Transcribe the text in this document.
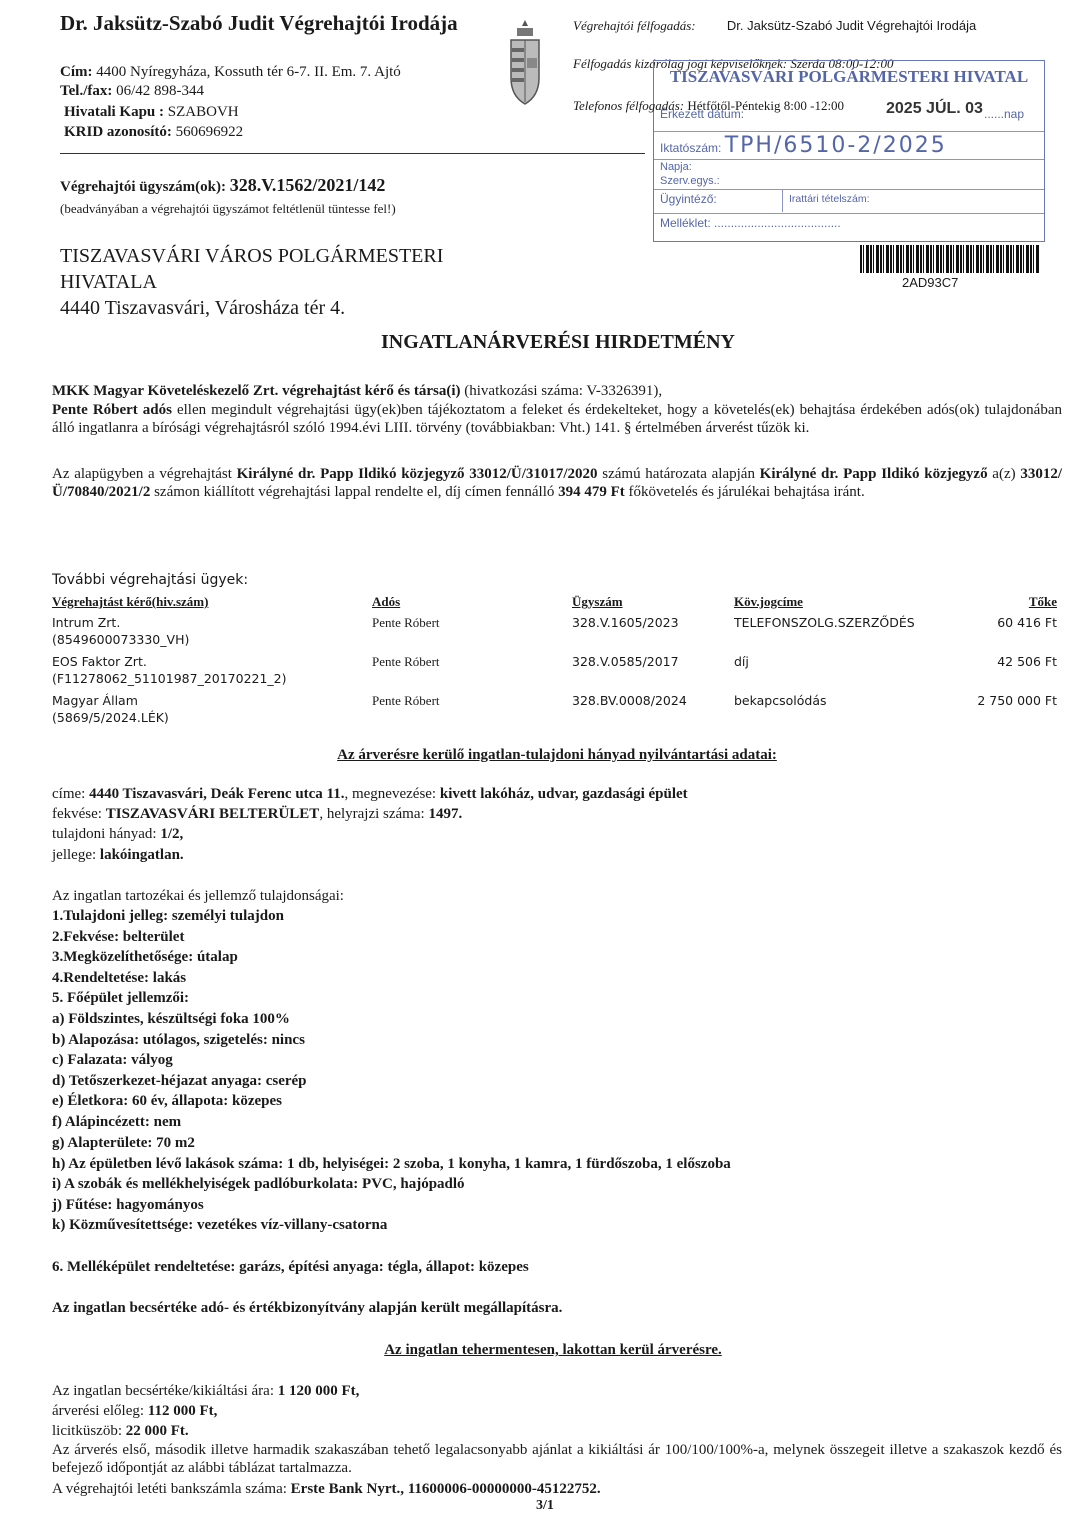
Dr. Jaksütz-Szabó Judit Végrehajtói Irodája
Cím: 4400 Nyíregyháza, Kossuth tér 6-7. II. Em. 7. Ajtó
Tel./fax: 06/42 898-344
Hivatali Kapu : SZABOVH
KRID azonosító: 560696922
Végrehajtói félfogadás: Dr. Jaksütz-Szabó Judit Végrehajtói Irodája
Félfogadás kizárólag jogi képviselőknek: Szerda 08:00-12:00
Telefonos félfogadás: Hétfőtől-Péntekig 8:00 -12:00
TISZAVASVÁRI POLGÁRMESTERI HIVATAL
Érkezett dátum:	2025 JÚL. 03 ......nap
Iktatószám: TPH/6510-2/2025
Napja:
Szerv.egys.:
Ügyintéző:	Irattári tételszám:
Melléklet: ......................................
2AD93C7
Végrehajtói ügyszám(ok): 328.V.1562/2021/142
(beadványában a végrehajtói ügyszámot feltétlenül tüntesse fel!)
TISZAVASVÁRI VÁROS POLGÁRMESTERI
HIVATALA
4440 Tiszavasvári, Városháza tér 4.
INGATLANÁRVERÉSI HIRDETMÉNY
MKK Magyar Követeléskezelő Zrt. végrehajtást kérő és társa(i) (hivatkozási száma: V-3326391),
Pente Róbert adós ellen megindult végrehajtási ügy(ek)ben tájékoztatom a feleket és érdekelteket, hogy a követelés(ek) behajtása érdekében adós(ok) tulajdonában álló ingatlanra a bírósági végrehajtásról szóló 1994.évi LIII. törvény (továbbiakban: Vht.) 141. § értelmében árverést tűzök ki.
Az alapügyben a végrehajtást Királyné dr. Papp Ildikó közjegyző 33012/Ü/31017/2020 számú határozata alapján Királyné dr. Papp Ildikó közjegyző a(z) 33012/Ü/70840/2021/2 számon kiállított végrehajtási lappal rendelte el, díj címen fennálló 394 479 Ft főkövetelés és járulékai behajtása iránt.
További végrehajtási ügyek:
Végrehajtást kérő(hiv.szám)	Adós	Ügyszám	Köv.jogcíme	Tőke

Intrum Zrt.
(8549600073330_VH)	Pente Róbert	328.V.1605/2023	TELEFONSZOLG.SZERZŐDÉS	60 416 Ft

EOS Faktor Zrt.
(F11278062_51101987_20170221_2)	Pente Róbert	328.V.0585/2017	díj	42 506 Ft

Magyar Állam
(5869/5/2024.LÉK)	Pente Róbert	328.BV.0008/2024	bekapcsolódás	2 750 000 Ft
Az árverésre kerülő ingatlan-tulajdoni hányad nyilvántartási adatai:
címe: 4440 Tiszavasvári, Deák Ferenc utca 11., megnevezése: kivett lakóház, udvar, gazdasági épület
fekvése: TISZAVASVÁRI BELTERÜLET, helyrajzi száma: 1497.
tulajdoni hányad: 1/2,
jellege: lakóingatlan.
Az ingatlan tartozékai és jellemző tulajdonságai:
1.Tulajdoni jelleg: személyi tulajdon
2.Fekvése: belterület
3.Megközelíthetősége: útalap
4.Rendeltetése: lakás
5. Főépület jellemzői:
a) Földszintes, készültségi foka 100%
b) Alapozása: utólagos, szigetelés: nincs
c) Falazata: vályog
d) Tetőszerkezet-héjazat anyaga: cserép
e) Életkora: 60 év, állapota: közepes
f) Alápincézett: nem
g) Alapterülete: 70 m2
h) Az épületben lévő lakások száma: 1 db, helyiségei: 2 szoba, 1 konyha, 1 kamra, 1 fürdőszoba, 1 előszoba
i) A szobák és mellékhelyiségek padlóburkolata: PVC, hajópadló
j) Fűtése: hagyományos
k) Közművesítettsége: vezetékes víz-villany-csatorna
6. Melléképület rendeltetése: garázs, építési anyaga: tégla, állapot: közepes
Az ingatlan becsértéke adó- és értékbizonyítvány alapján került megállapításra.
Az ingatlan tehermentesen, lakottan kerül árverésre.
Az ingatlan becsértéke/kikiáltási ára: 1 120 000 Ft,
árverési előleg: 112 000 Ft,
licitküszöb: 22 000 Ft.
Az árverés első, második illetve harmadik szakaszában tehető legalacsonyabb ajánlat a kikiáltási ár 100/100/100%-a, melynek összegeit illetve a szakaszok kezdő és befejező időpontját az alábbi táblázat tartalmazza.
A végrehajtói letéti bankszámla száma: Erste Bank Nyrt., 11600006-00000000-45122752.
3/1
